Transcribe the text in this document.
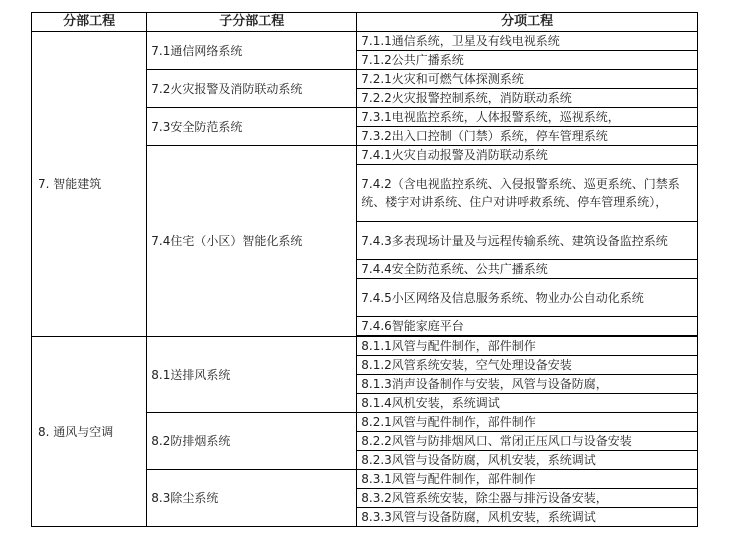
分部工程	子分部工程	分项工程
7. 智能建筑	7.1通信网络系统	7.1.1通信系统，卫星及有线电视系统
		7.1.2公共广播系统
	7.2火灾报警及消防联动系统	7.2.1火灾和可燃气体探测系统
		7.2.2火灾报警控制系统，消防联动系统
	7.3安全防范系统	7.3.1电视监控系统，人体报警系统，巡视系统，
		7.3.2出入口控制（门禁）系统，停车管理系统
	7.4住宅（小区）智能化系统	7.4.1火灾自动报警及消防联动系统
		7.4.2（含电视监控系统、入侵报警系统、巡更系统、门禁系统、楼宇对讲系统、住户对讲呼救系统、停车管理系统），
		7.4.3多表现场计量及与远程传输系统、建筑设备监控系统
		7.4.4安全防范系统、公共广播系统
		7.4.5小区网络及信息服务系统、物业办公自动化系统
		7.4.6智能家庭平台

8. 通风与空调	8.1送排风系统	8.1.1风管与配件制作，部件制作
		8.1.2风管系统安装，空气处理设备安装
		8.1.3消声设备制作与安装，风管与设备防腐，
		8.1.4风机安装，系统调试
	8.2防排烟系统	8.2.1风管与配件制作，部件制作
		8.2.2风管与防排烟风口、常闭正压风口与设备安装
		8.2.3风管与设备防腐，风机安装，系统调试
	8.3除尘系统	8.3.1风管与配件制作，部件制作
		8.3.2风管系统安装，除尘器与排污设备安装，
		8.3.3风管与设备防腐，风机安装，系统调试
